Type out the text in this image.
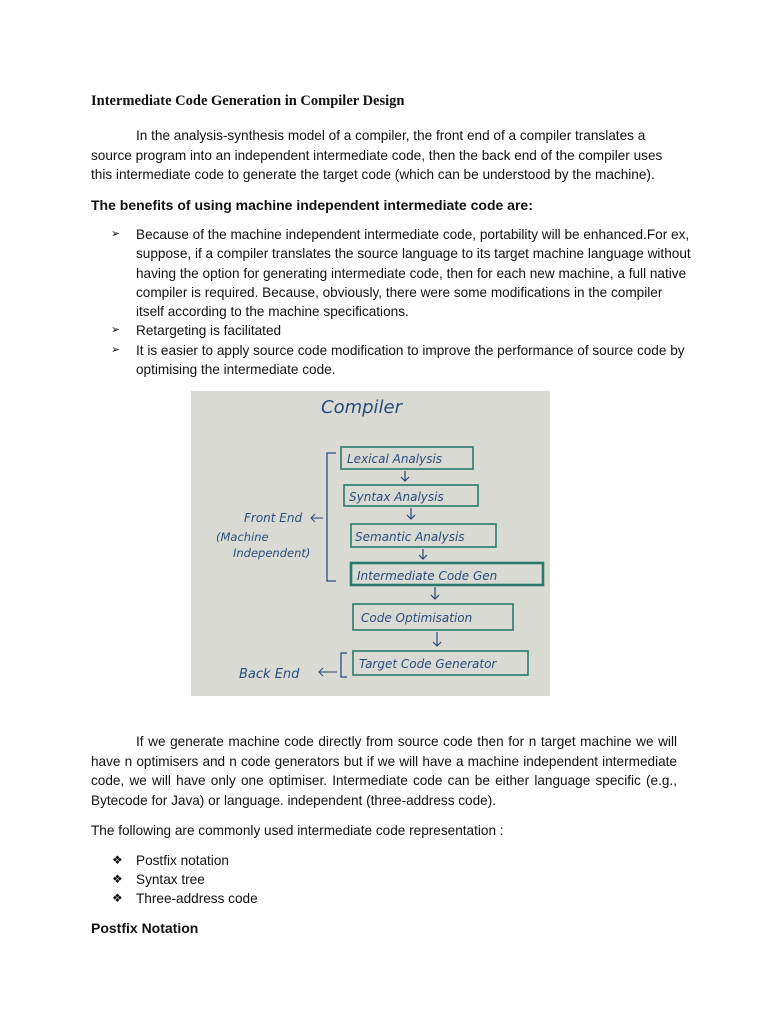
Intermediate Code Generation in Compiler Design

In the analysis-synthesis model of a compiler, the front end of a compiler translates a source program into an independent intermediate code, then the back end of the compiler uses this intermediate code to generate the target code (which can be understood by the machine).

The benefits of using machine independent intermediate code are:
➢ Because of the machine independent intermediate code, portability will be enhanced.For ex, suppose, if a compiler translates the source language to its target machine language without having the option for generating intermediate code, then for each new machine, a full native compiler is required. Because, obviously, there were some modifications in the compiler itself according to the machine specifications.
➢ Retargeting is facilitated
➢ It is easier to apply source code modification to improve the performance of source code by optimising the intermediate code.
Compiler
Lexical Analysis
Syntax Analysis
Semantic Analysis
Intermediate Code Gen
Code Optimisation
Target Code Generator
Front End
(Machine
Independent)
Back End

If we generate machine code directly from source code then for n target machine we will have n optimisers and n code generators but if we will have a machine independent intermediate code, we will have only one optimiser. Intermediate code can be either language specific (e.g., Bytecode for Java) or language. independent (three-address code).

The following are commonly used intermediate code representation :

❖ Postfix notation
❖ Syntax tree
❖ Three-address code
Postfix Notation
